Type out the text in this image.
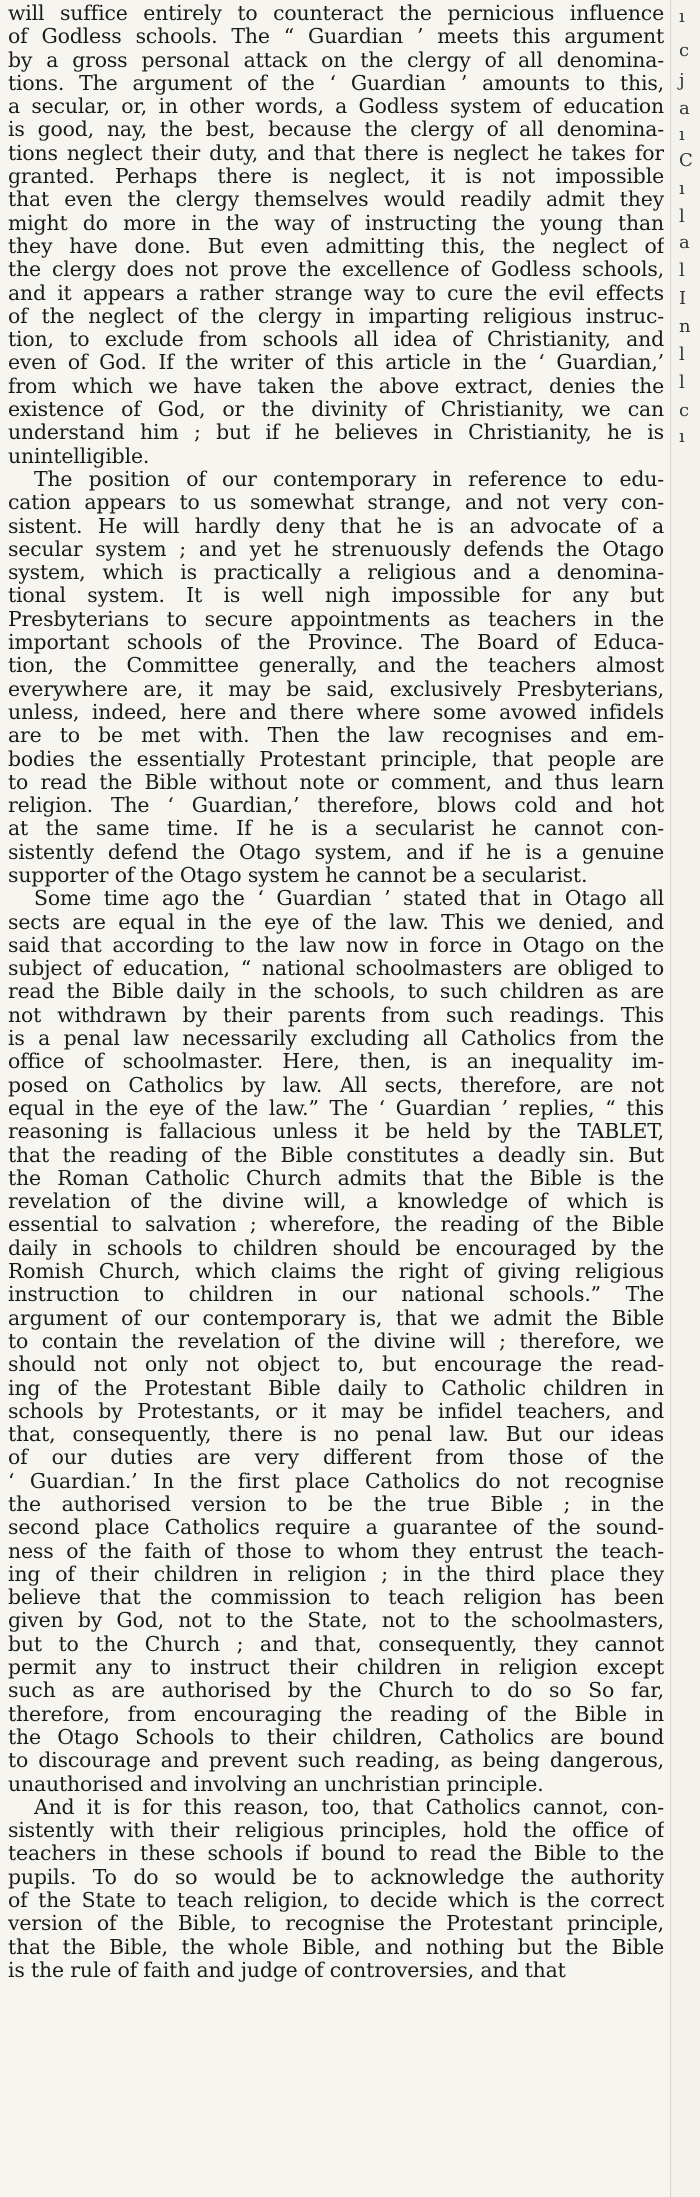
will suffice entirely to counteract the pernicious influence
of Godless schools. The “ Guardian ’ meets this argument
by a gross personal attack on the clergy of all denomina-
tions. The argument of the ‘ Guardian ’ amounts to this,
a secular, or, in other words, a Godless system of education
is good, nay, the best, because the clergy of all denomina-
tions neglect their duty, and that there is neglect he takes for
granted. Perhaps there is neglect, it is not impossible
that even the clergy themselves would readily admit they
might do more in the way of instructing the young than
they have done. But even admitting this, the neglect of
the clergy does not prove the excellence of Godless schools,
and it appears a rather strange way to cure the evil effects
of the neglect of the clergy in imparting religious instruc-
tion, to exclude from schools all idea of Christianity, and
even of God. If the writer of this article in the ‘ Guardian,’
from which we have taken the above extract, denies the
existence of God, or the divinity of Christianity, we can
understand him ; but if he believes in Christianity, he is
unintelligible.

The position of our contemporary in reference to edu-
cation appears to us somewhat strange, and not very con-
sistent. He will hardly deny that he is an advocate of a
secular system ; and yet he strenuously defends the Otago
system, which is practically a religious and a denomina-
tional system. It is well nigh impossible for any but
Presbyterians to secure appointments as teachers in the
important schools of the Province. The Board of Educa-
tion, the Committee generally, and the teachers almost
everywhere are, it may be said, exclusively Presbyterians,
unless, indeed, here and there where some avowed infidels
are to be met with. Then the law recognises and em-
bodies the essentially Protestant principle, that people are
to read the Bible without note or comment, and thus learn
religion. The ‘ Guardian,’ therefore, blows cold and hot
at the same time. If he is a secularist he cannot con-
sistently defend the Otago system, and if he is a genuine
supporter of the Otago system he cannot be a secularist.

Some time ago the ‘ Guardian ’ stated that in Otago all
sects are equal in the eye of the law. This we denied, and
said that according to the law now in force in Otago on the
subject of education, “ national schoolmasters are obliged to
read the Bible daily in the schools, to such children as are
not withdrawn by their parents from such readings. This
is a penal law necessarily excluding all Catholics from the
office of schoolmaster. Here, then, is an inequality im-
posed on Catholics by law. All sects, therefore, are not
equal in the eye of the law.” The ‘ Guardian ’ replies, “ this
reasoning is fallacious unless it be held by the TABLET,
that the reading of the Bible constitutes a deadly sin. But
the Roman Catholic Church admits that the Bible is the
revelation of the divine will, a knowledge of which is
essential to salvation ; wherefore, the reading of the Bible
daily in schools to children should be encouraged by the
Romish Church, which claims the right of giving religious
instruction to children in our national schools.” The
argument of our contemporary is, that we admit the Bible
to contain the revelation of the divine will ; therefore, we
should not only not object to, but encourage the read-
ing of the Protestant Bible daily to Catholic children in
schools by Protestants, or it may be infidel teachers, and
that, consequently, there is no penal law. But our ideas
of our duties are very different from those of the
‘ Guardian.’ In the first place Catholics do not recognise
the authorised version to be the true Bible ; in the
second place Catholics require a guarantee of the sound-
ness of the faith of those to whom they entrust the teach-
ing of their children in religion ; in the third place they
believe that the commission to teach religion has been
given by God, not to the State, not to the schoolmasters,
but to the Church ; and that, consequently, they cannot
permit any to instruct their children in religion except
such as are authorised by the Church to do so So far,
therefore, from encouraging the reading of the Bible in
the Otago Schools to their children, Catholics are bound
to discourage and prevent such reading, as being dangerous,
unauthorised and involving an unchristian principle.

And it is for this reason, too, that Catholics cannot, con-
sistently with their religious principles, hold the office of
teachers in these schools if bound to read the Bible to the
pupils. To do so would be to acknowledge the authority
of the State to teach religion, to decide which is the correct
version of the Bible, to recognise the Protestant principle,
that the Bible, the whole Bible, and nothing but the Bible
is the rule of faith and judge of controversies, and that

ı
c
j
a
ı
C
ı
l
a
l
I
n
l
l
c
ı
